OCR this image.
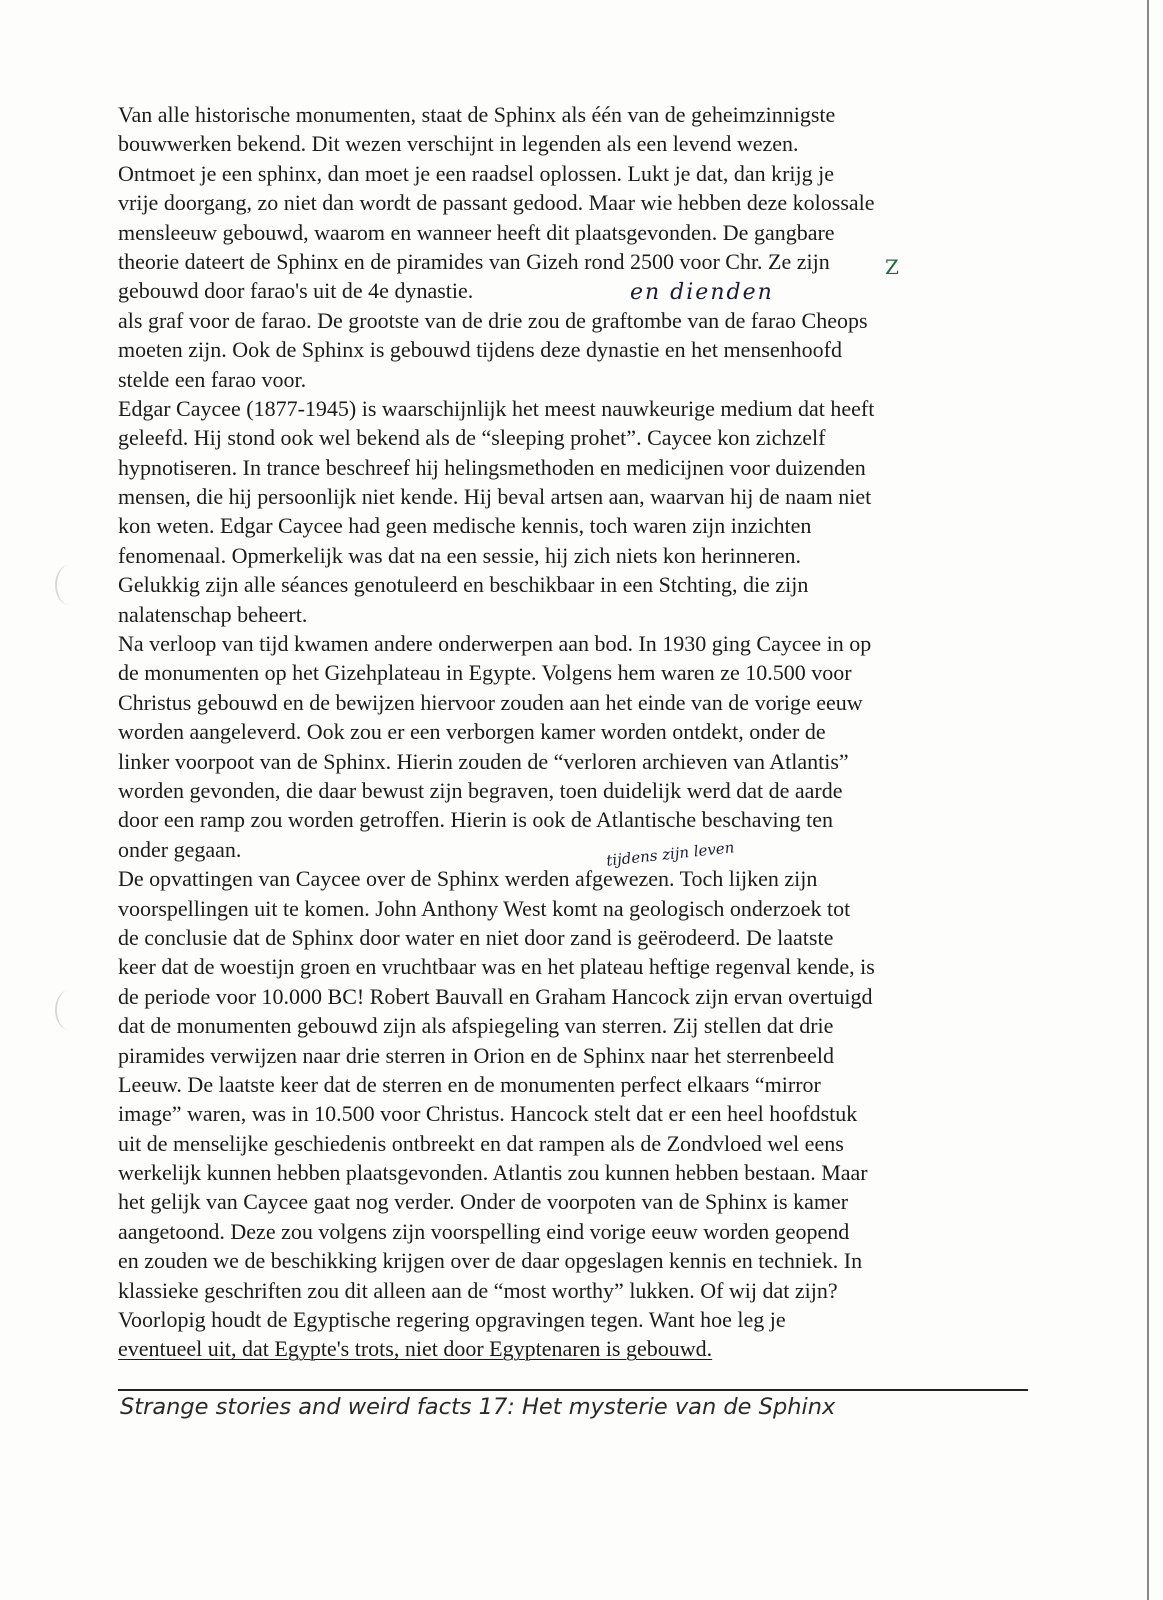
Van alle historische monumenten, staat de Sphinx als één van de geheimzinnigste
bouwwerken bekend. Dit wezen verschijnt in legenden als een levend wezen.
Ontmoet je een sphinx, dan moet je een raadsel oplossen. Lukt je dat, dan krijg je
vrije doorgang, zo niet dan wordt de passant gedood. Maar wie hebben deze kolossale
mensleeuw gebouwd, waarom en wanneer heeft dit plaatsgevonden. De gangbare
theorie dateert de Sphinx en de piramides van Gizeh rond 2500 voor Chr. Ze zijn
gebouwd door farao's uit de 4e dynastie.
als graf voor de farao. De grootste van de drie zou de graftombe van de farao Cheops
moeten zijn. Ook de Sphinx is gebouwd tijdens deze dynastie en het mensenhoofd
stelde een farao voor.
Edgar Caycee (1877-1945) is waarschijnlijk het meest nauwkeurige medium dat heeft
geleefd. Hij stond ook wel bekend als de “sleeping prohet”. Caycee kon zichzelf
hypnotiseren. In trance beschreef hij helingsmethoden en medicijnen voor duizenden
mensen, die hij persoonlijk niet kende. Hij beval artsen aan, waarvan hij de naam niet
kon weten. Edgar Caycee had geen medische kennis, toch waren zijn inzichten
fenomenaal. Opmerkelijk was dat na een sessie, hij zich niets kon herinneren.
Gelukkig zijn alle séances genotuleerd en beschikbaar in een Stchting, die zijn
nalatenschap beheert.
Na verloop van tijd kwamen andere onderwerpen aan bod. In 1930 ging Caycee in op
de monumenten op het Gizehplateau in Egypte. Volgens hem waren ze 10.500 voor
Christus gebouwd en de bewijzen hiervoor zouden aan het einde van de vorige eeuw
worden aangeleverd. Ook zou er een verborgen kamer worden ontdekt, onder de
linker voorpoot van de Sphinx. Hierin zouden de “verloren archieven van Atlantis”
worden gevonden, die daar bewust zijn begraven, toen duidelijk werd dat de aarde
door een ramp zou worden getroffen. Hierin is ook de Atlantische beschaving ten
onder gegaan.
De opvattingen van Caycee over de Sphinx werden afgewezen. Toch lijken zijn
voorspellingen uit te komen. John Anthony West komt na geologisch onderzoek tot
de conclusie dat de Sphinx door water en niet door zand is geërodeerd. De laatste
keer dat de woestijn groen en vruchtbaar was en het plateau heftige regenval kende, is
de periode voor 10.000 BC! Robert Bauvall en Graham Hancock zijn ervan overtuigd
dat de monumenten gebouwd zijn als afspiegeling van sterren. Zij stellen dat drie
piramides verwijzen naar drie sterren in Orion en de Sphinx naar het sterrenbeeld
Leeuw. De laatste keer dat de sterren en de monumenten perfect elkaars “mirror
image” waren, was in 10.500 voor Christus. Hancock stelt dat er een heel hoofdstuk
uit de menselijke geschiedenis ontbreekt en dat rampen als de Zondvloed wel eens
werkelijk kunnen hebben plaatsgevonden. Atlantis zou kunnen hebben bestaan. Maar
het gelijk van Caycee gaat nog verder. Onder de voorpoten van de Sphinx is kamer
aangetoond. Deze zou volgens zijn voorspelling eind vorige eeuw worden geopend
en zouden we de beschikking krijgen over de daar opgeslagen kennis en techniek. In
klassieke geschriften zou dit alleen aan de “most worthy” lukken. Of wij dat zijn?
Voorlopig houdt de Egyptische regering opgravingen tegen. Want hoe leg je
eventueel uit, dat Egypte's trots, niet door Egyptenaren is gebouwd.
Strange stories and weird facts 17: Het mysterie van de Sphinx
en dienden
tijdens zijn leven
Z
